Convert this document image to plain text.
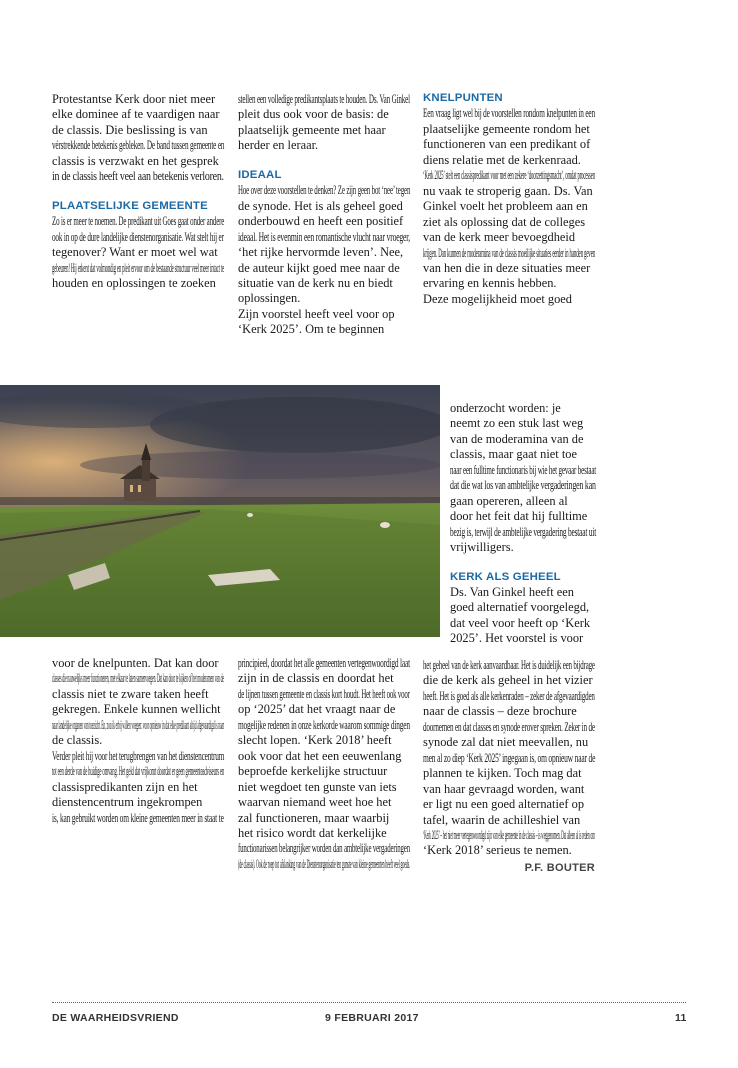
Protestantse Kerk door niet meer
elke dominee af te vaardigen naar
de classis. Die beslissing is van
vérstrekkende betekenis gebleken. De band tussen gemeente en
classis is verzwakt en het gesprek
in de classis heeft veel aan betekenis verloren.
PLAATSELIJKE GEMEENTE
Zo is er meer te noemen. De predikant uit Goes gaat onder andere
ook in op de dure landelijke dienstenorganisatie. Wat stelt hij er
tegenover? Want er moet wel wat
gebeuren! Hij erkent dat volmondig en pleit ervoor om de bestaande structuur veel meer intact te
houden en oplossingen te zoeken
stellen een volledige predikantsplaats te houden. Ds. Van Ginkel
pleit dus ook voor de basis: de
plaatselijk gemeente met haar
herder en leraar.
IDEAAL
Hoe over deze voorstellen te denken? Ze zijn geen bot ‘nee’ tegen
de synode. Het is als geheel goed
onderbouwd en heeft een positief
ideaal. Het is evenmin een romantische vlucht naar vroeger,
‘het rijke hervormde leven’. Nee,
de auteur kijkt goed mee naar de
situatie van de kerk nu en biedt
oplossingen.
Zijn voorstel heeft veel voor op
‘Kerk 2025’. Om te beginnen
KNELPUNTEN
Een vraag ligt wel bij de voorstellen rondom knelpunten in een
plaatselijke gemeente rondom het
functioneren van een predikant of
diens relatie met de kerkenraad.
‘Kerk 2025’ stelt een classispredikant voor met een zekere ‘doorzettingsmacht’, omdat processen
nu vaak te stroperig gaan. Ds. Van
Ginkel voelt het probleem aan en
ziet als oplossing dat de colleges
van de kerk meer bevoegdheid
krijgen. Dan kunnen de moderamina van de classis moeilijke situaties eerder in handen geven
van hen die in deze situaties meer
ervaring en kennis hebben.
Deze mogelijkheid moet goed
onderzocht worden: je
neemt zo een stuk last weg
van de moderamina van de
classis, maar gaat niet toe
naar een fulltime functionaris bij wie het gevaar bestaat
dat die wat los van ambtelijke vergaderingen kan
gaan opereren, alleen al
door het feit dat hij fulltime
bezig is, terwijl de ambtelijke vergadering bestaat uit
vrijwilligers.
KERK ALS GEHEEL
Ds. Van Ginkel heeft een
goed alternatief voorgelegd,
dat veel voor heeft op ‘Kerk
2025’. Het voorstel is voor
voor de knelpunten. Dat kan door
classes die nauwelijks meer functioneren, met elkaar te laten samenvoegen. Dat kan door te kijken of het moderamen van de
classis niet te zware taken heeft
gekregen. Enkele kunnen wellicht
naar landelijke organen van toezicht. En, zou ik erbij willen voegen: voor opnieuw in dat elke predikant altijd afgevaardigd is naar
de classis.
Verder pleit hij voor het terugbrengen van het dienstencentrum
tot een derde van de huidige omvang. Het geld dat vrijkomt doordat er geen gemeenteadviseurs en
classispredikanten zijn en het
dienstencentrum ingekrompen
is, kan gebruikt worden om kleine gemeenten meer in staat te
principieel, doordat het alle gemeenten vertegenwoordigd laat
zijn in de classis en doordat het
de lijnen tussen gemeente en classis kort houdt. Het heeft ook voor
op ‘2025’ dat het vraagt naar de
mogelijke redenen in onze kerkorde waarom sommige dingen
slecht lopen. ‘Kerk 2018’ heeft
ook voor dat het een eeuwenlang
beproefde kerkelijke structuur
niet wegdoet ten gunste van iets
waarvan niemand weet hoe het
zal functioneren, maar waarbij
het risico wordt dat kerkelijke
functionarissen belangrijker worden dan ambtelijke vergaderingen
(de classis). Ook de roep tot afslanking van de Dienstenorganisatie ten gunste van kleine gemeenten heeft veel goeds.
het geheel van de kerk aanvaardbaar. Het is duidelijk een bijdrage
die de kerk als geheel in het vizier
heeft. Het is goed als alle kerkenraden – zeker de afgevaardigden
naar de classis – deze brochure
doornemen en dat classes en synode erover spreken. Zeker in de
synode zal dat niet meevallen, nu
men al zo diep ‘Kerk 2025’ ingegaan is, om opnieuw naar de
plannen te kijken. Toch mag dat
van haar gevraagd worden, want
er ligt nu een goed alternatief op
tafel, waarin de achilleshiel van
‘Kerk 2025’ – het niet meer vertegenwoordigd zijn van elke gemeente in de classis – is weggenomen. Dat alleen al is reden om
‘Kerk 2018’ serieus te nemen.
P.F. BOUTER
DE WAARHEIDSVRIEND	9 FEBRUARI 2017	11
